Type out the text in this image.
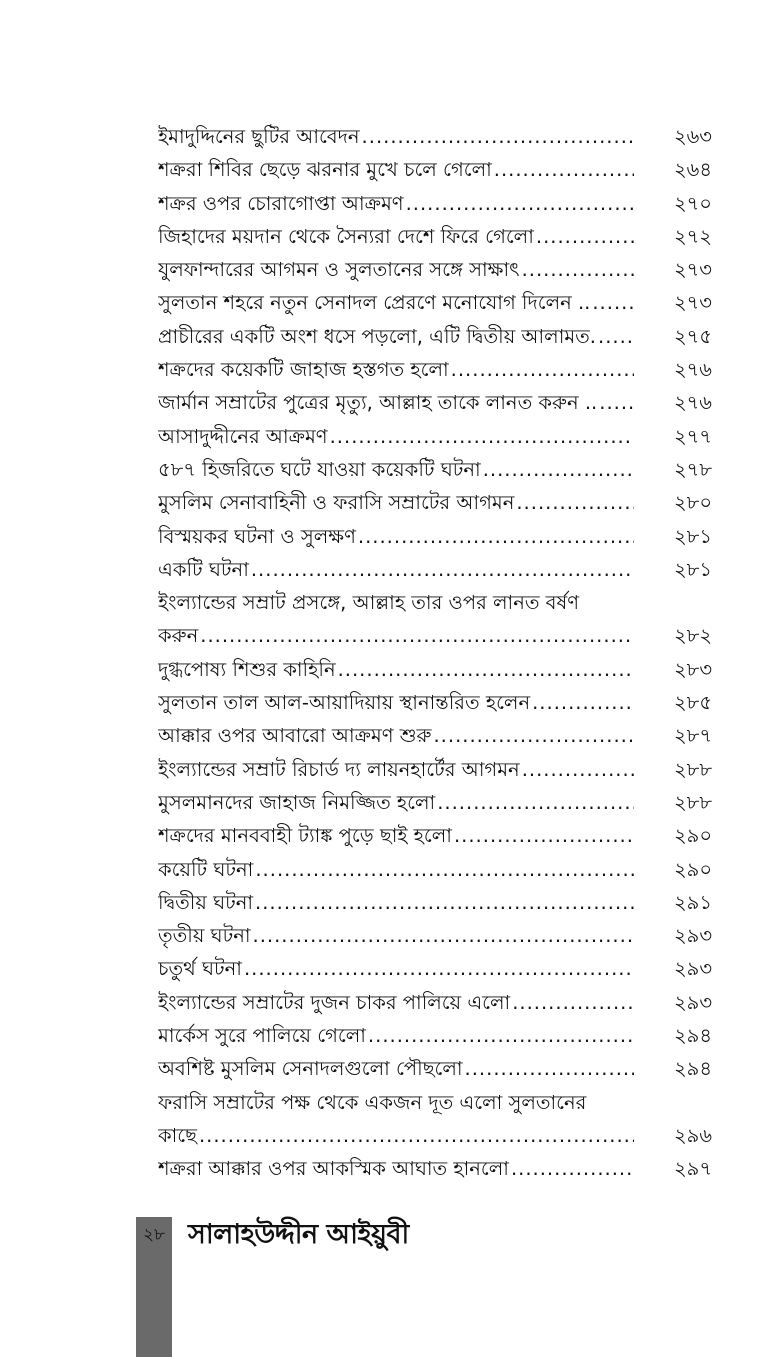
ইমাদুদ্দিনের ছুটির আবেদন .....	২৬৩
শক্ররা শিবির ছেড়ে ঝরনার মুখে চলে গেলো .....	২৬৪
শক্রর ওপর চোরাগোপ্তা আক্রমণ .....	২৭০
জিহাদের ময়দান থেকে সৈন্যরা দেশে ফিরে গেলো .....	২৭২
যুলফান্দারের আগমন ও সুলতানের সঙ্গে সাক্ষাৎ .....	২৭৩
সুলতান শহরে নতুন সেনাদল প্রেরণে মনোযোগ দিলেন .. .....	২৭৩
প্রাচীরের একটি অংশ ধসে পড়লো, এটি দ্বিতীয় আলামত. .....	২৭৫
শক্রদের কয়েকটি জাহাজ হস্তগত হলো .....	২৭৬
জার্মান সম্রাটের পুত্রের মৃত্যু, আল্লাহ তাকে লানত করুন .. .....	২৭৬
আসাদুদ্দীনের আক্রমণ .....	২৭৭
৫৮৭ হিজরিতে ঘটে যাওয়া কয়েকটি ঘটনা .....	২৭৮
মুসলিম সেনাবাহিনী ও ফরাসি সম্রাটের আগমন .....	২৮০
বিস্ময়কর ঘটনা ও সুলক্ষণ .....	২৮১
একটি ঘটনা .....	২৮১
ইংল্যান্ডের সম্রাট প্রসঙ্গে, আল্লাহ তার ওপর লানত বর্ষণ
করুন .....	২৮২
দুগ্ধপোষ্য শিশুর কাহিনি .....	২৮৩
সুলতান তাল আল-আয়াদিয়ায় স্থানান্তরিত হলেন .....	২৮৫
আক্কার ওপর আবারো আক্রমণ শুরু .....	২৮৭
ইংল্যান্ডের সম্রাট রিচার্ড দ্য লায়নহার্টের আগমন .....	২৮৮
মুসলমানদের জাহাজ নিমজ্জিত হলো .....	২৮৮
শক্রদের মানববাহী ট্যাঙ্ক পুড়ে ছাই হলো .....	২৯০
কয়েটি ঘটনা .....	২৯০
দ্বিতীয় ঘটনা .....	২৯১
তৃতীয় ঘটনা .....	২৯৩
চতুর্থ ঘটনা .....	২৯৩
ইংল্যান্ডের সম্রাটের দুজন চাকর পালিয়ে এলো .....	২৯৩
মার্কেস সুরে পালিয়ে গেলো .....	২৯৪
অবশিষ্ট মুসলিম সেনাদলগুলো পৌছলো .....	২৯৪
ফরাসি সম্রাটের পক্ষ থেকে একজন দূত এলো সুলতানের
কাছে .....	২৯৬
শক্ররা আক্কার ওপর আকস্মিক আঘাত হানলো .....	২৯৭
২৮ সালাহউদ্দীন আইয়ুবী
